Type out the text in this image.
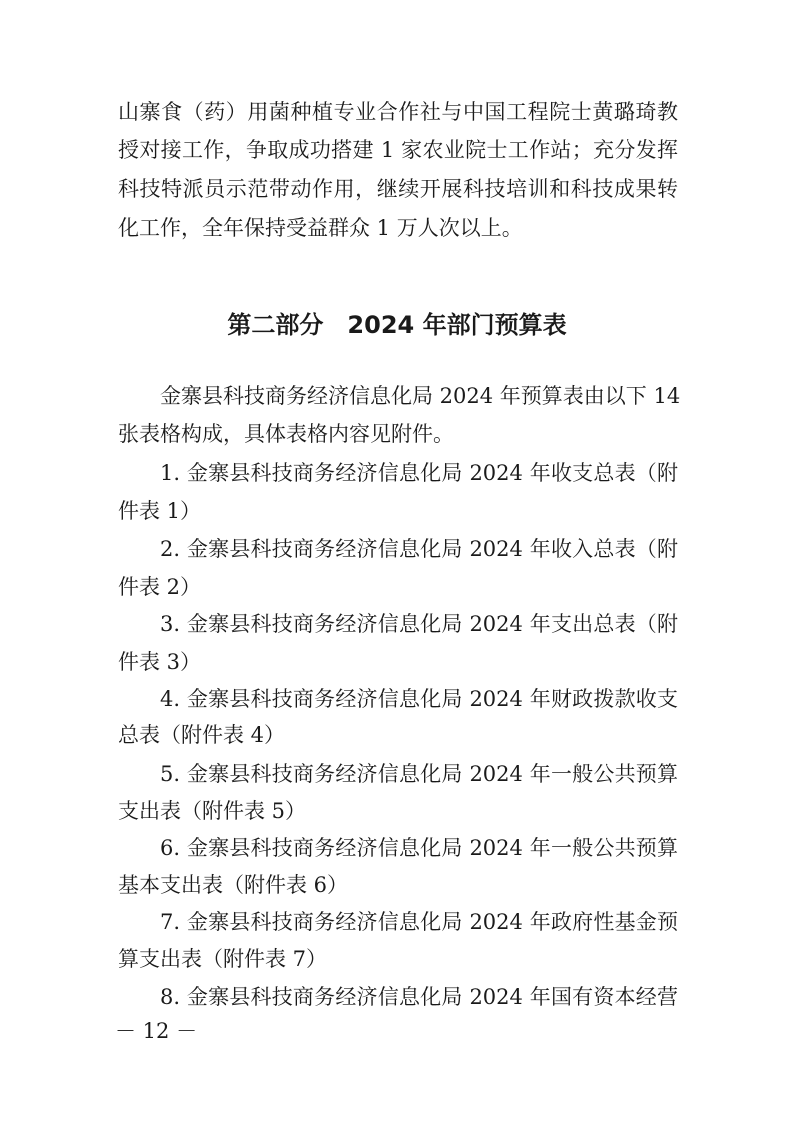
山寨食（药）用菌种植专业合作社与中国工程院士黄璐琦教
授对接工作，争取成功搭建 1 家农业院士工作站；充分发挥
科技特派员示范带动作用，继续开展科技培训和科技成果转
化工作，全年保持受益群众 1 万人次以上。
第二部分　2024 年部门预算表
金寨县科技商务经济信息化局 2024 年预算表由以下 14
张表格构成，具体表格内容见附件。
1. 金寨县科技商务经济信息化局 2024 年收支总表（附
件表 1）
2. 金寨县科技商务经济信息化局 2024 年收入总表（附
件表 2）
3. 金寨县科技商务经济信息化局 2024 年支出总表（附
件表 3）
4. 金寨县科技商务经济信息化局 2024 年财政拨款收支
总表（附件表 4）
5. 金寨县科技商务经济信息化局 2024 年一般公共预算
支出表（附件表 5）
6. 金寨县科技商务经济信息化局 2024 年一般公共预算
基本支出表（附件表 6）
7. 金寨县科技商务经济信息化局 2024 年政府性基金预
算支出表（附件表 7）
8. 金寨县科技商务经济信息化局 2024 年国有资本经营
－ 12 －
